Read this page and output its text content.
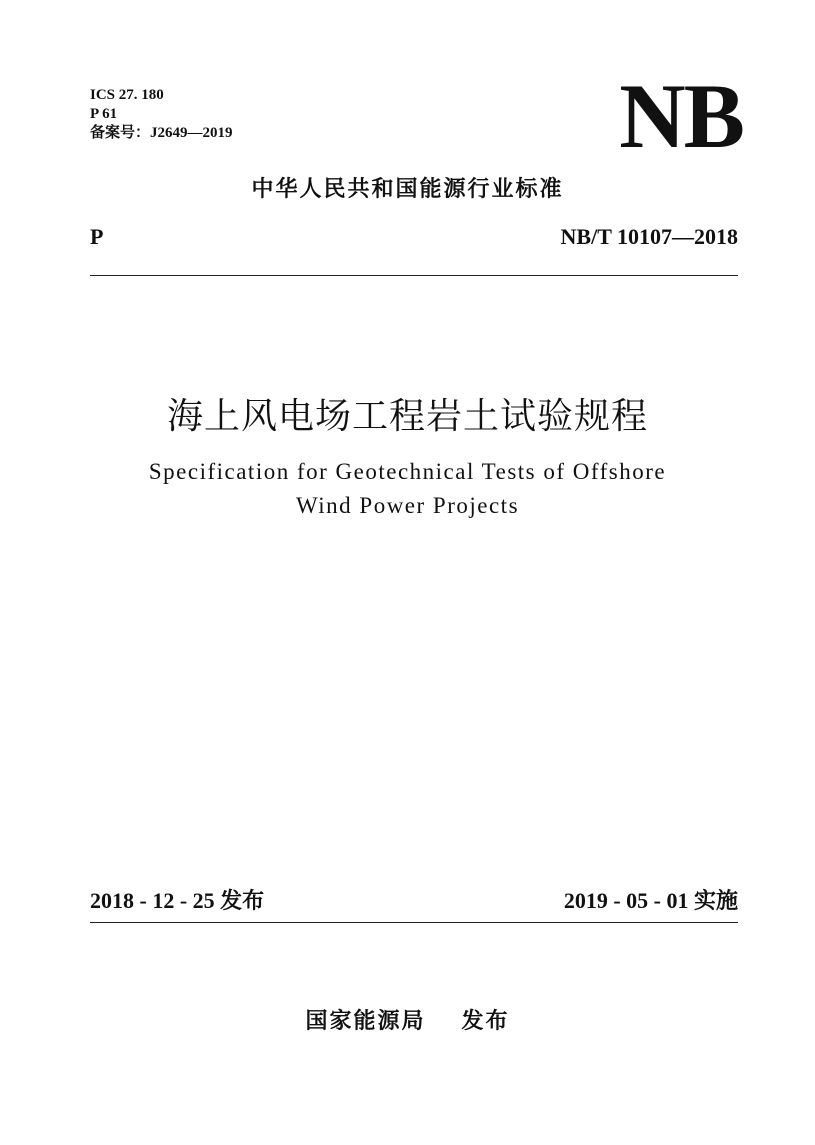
ICS 27. 180
P 61
备案号：J2649—2019	NB
中华人民共和国能源行业标准
P	NB/T 10107—2018
海上风电场工程岩土试验规程
Specification for Geotechnical Tests of Offshore
Wind Power Projects
2018 - 12 - 25 发布	2019 - 05 - 01 实施
国家能源局 发布
